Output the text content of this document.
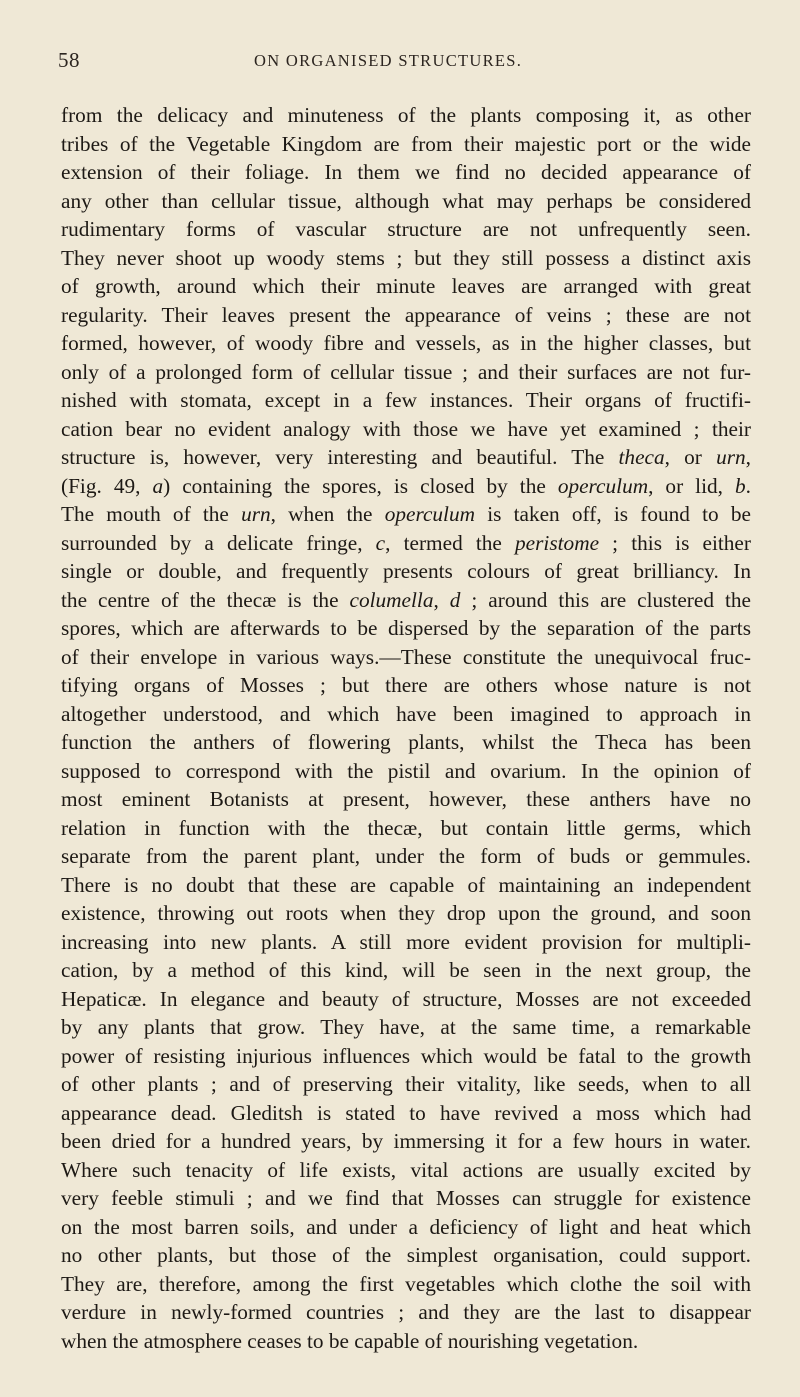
58	ON ORGANISED STRUCTURES.
from the delicacy and minuteness of the plants composing it, as other
tribes of the Vegetable Kingdom are from their majestic port or the wide
extension of their foliage. In them we find no decided appearance of
any other than cellular tissue, although what may perhaps be considered
rudimentary forms of vascular structure are not unfrequently seen.
They never shoot up woody stems ; but they still possess a distinct axis
of growth, around which their minute leaves are arranged with great
regularity. Their leaves present the appearance of veins ; these are not
formed, however, of woody fibre and vessels, as in the higher classes, but
only of a prolonged form of cellular tissue ; and their surfaces are not fur-
nished with stomata, except in a few instances. Their organs of fructifi-
cation bear no evident analogy with those we have yet examined ; their
structure is, however, very interesting and beautiful. The theca, or urn,
(Fig. 49, a) containing the spores, is closed by the operculum, or lid, b.
The mouth of the urn, when the operculum is taken off, is found to be
surrounded by a delicate fringe, c, termed the peristome ; this is either
single or double, and frequently presents colours of great brilliancy. In
the centre of the thecæ is the columella, d ; around this are clustered the
spores, which are afterwards to be dispersed by the separation of the parts
of their envelope in various ways.—These constitute the unequivocal fruc-
tifying organs of Mosses ; but there are others whose nature is not
altogether understood, and which have been imagined to approach in
function the anthers of flowering plants, whilst the Theca has been
supposed to correspond with the pistil and ovarium. In the opinion of
most eminent Botanists at present, however, these anthers have no
relation in function with the thecæ, but contain little germs, which
separate from the parent plant, under the form of buds or gemmules.
There is no doubt that these are capable of maintaining an independent
existence, throwing out roots when they drop upon the ground, and soon
increasing into new plants. A still more evident provision for multipli-
cation, by a method of this kind, will be seen in the next group, the
Hepaticæ. In elegance and beauty of structure, Mosses are not exceeded
by any plants that grow. They have, at the same time, a remarkable
power of resisting injurious influences which would be fatal to the growth
of other plants ; and of preserving their vitality, like seeds, when to all
appearance dead. Gleditsh is stated to have revived a moss which had
been dried for a hundred years, by immersing it for a few hours in water.
Where such tenacity of life exists, vital actions are usually excited by
very feeble stimuli ; and we find that Mosses can struggle for existence
on the most barren soils, and under a deficiency of light and heat which
no other plants, but those of the simplest organisation, could support.
They are, therefore, among the first vegetables which clothe the soil with
verdure in newly-formed countries ; and they are the last to disappear
when the atmosphere ceases to be capable of nourishing vegetation.
